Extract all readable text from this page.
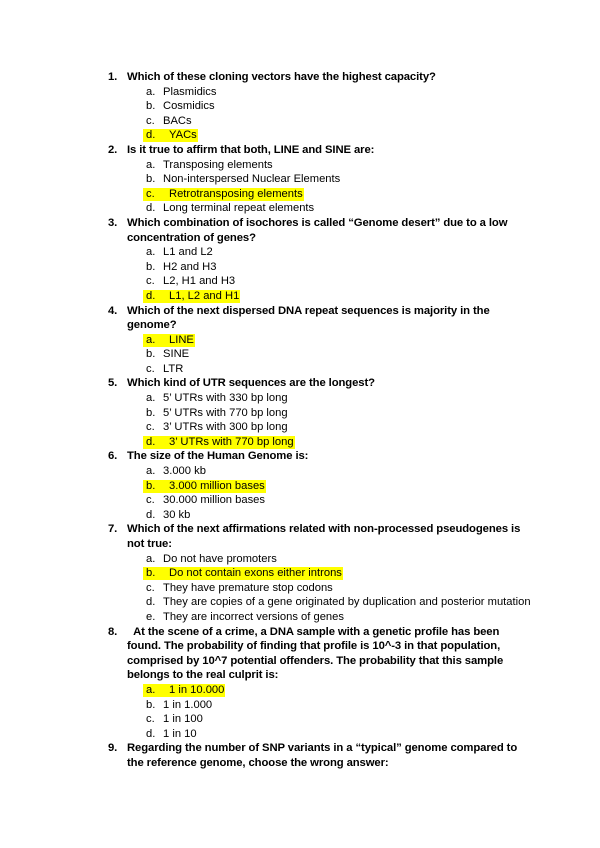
1. Which of these cloning vectors have the highest capacity?
a. Plasmidics
b. Cosmidics
c. BACs
d. YACs
2. Is it true to affirm that both, LINE and SINE are:
a. Transposing elements
b. Non-interspersed Nuclear Elements
c. Retrotransposing elements
d. Long terminal repeat elements
3. Which combination of isochores is called “Genome desert” due to a low concentration of genes?
a. L1 and L2
b. H2 and H3
c. L2, H1 and H3
d. L1, L2 and H1
4. Which of the next dispersed DNA repeat sequences is majority in the genome?
a. LINE
b. SINE
c. LTR
5. Which kind of UTR sequences are the longest?
a. 5’ UTRs with 330 bp long
b. 5’ UTRs with 770 bp long
c. 3’ UTRs with 300 bp long
d. 3’ UTRs with 770 bp long
6. The size of the Human Genome is:
a. 3.000 kb
b. 3.000 million bases
c. 30.000 million bases
d. 30 kb
7. Which of the next affirmations related with non-processed pseudogenes is not true:
a. Do not have promoters
b. Do not contain exons either introns
c. They have premature stop codons
d. They are copies of a gene originated by duplication and posterior mutation
e. They are incorrect versions of genes
8. At the scene of a crime, a DNA sample with a genetic profile has been found. The probability of finding that profile is 10^-3 in that population, comprised by 10^7 potential offenders. The probability that this sample belongs to the real culprit is:
a. 1 in 10.000
b. 1 in 1.000
c. 1 in 100
d. 1 in 10
9. Regarding the number of SNP variants in a “typical” genome compared to the reference genome, choose the wrong answer:
